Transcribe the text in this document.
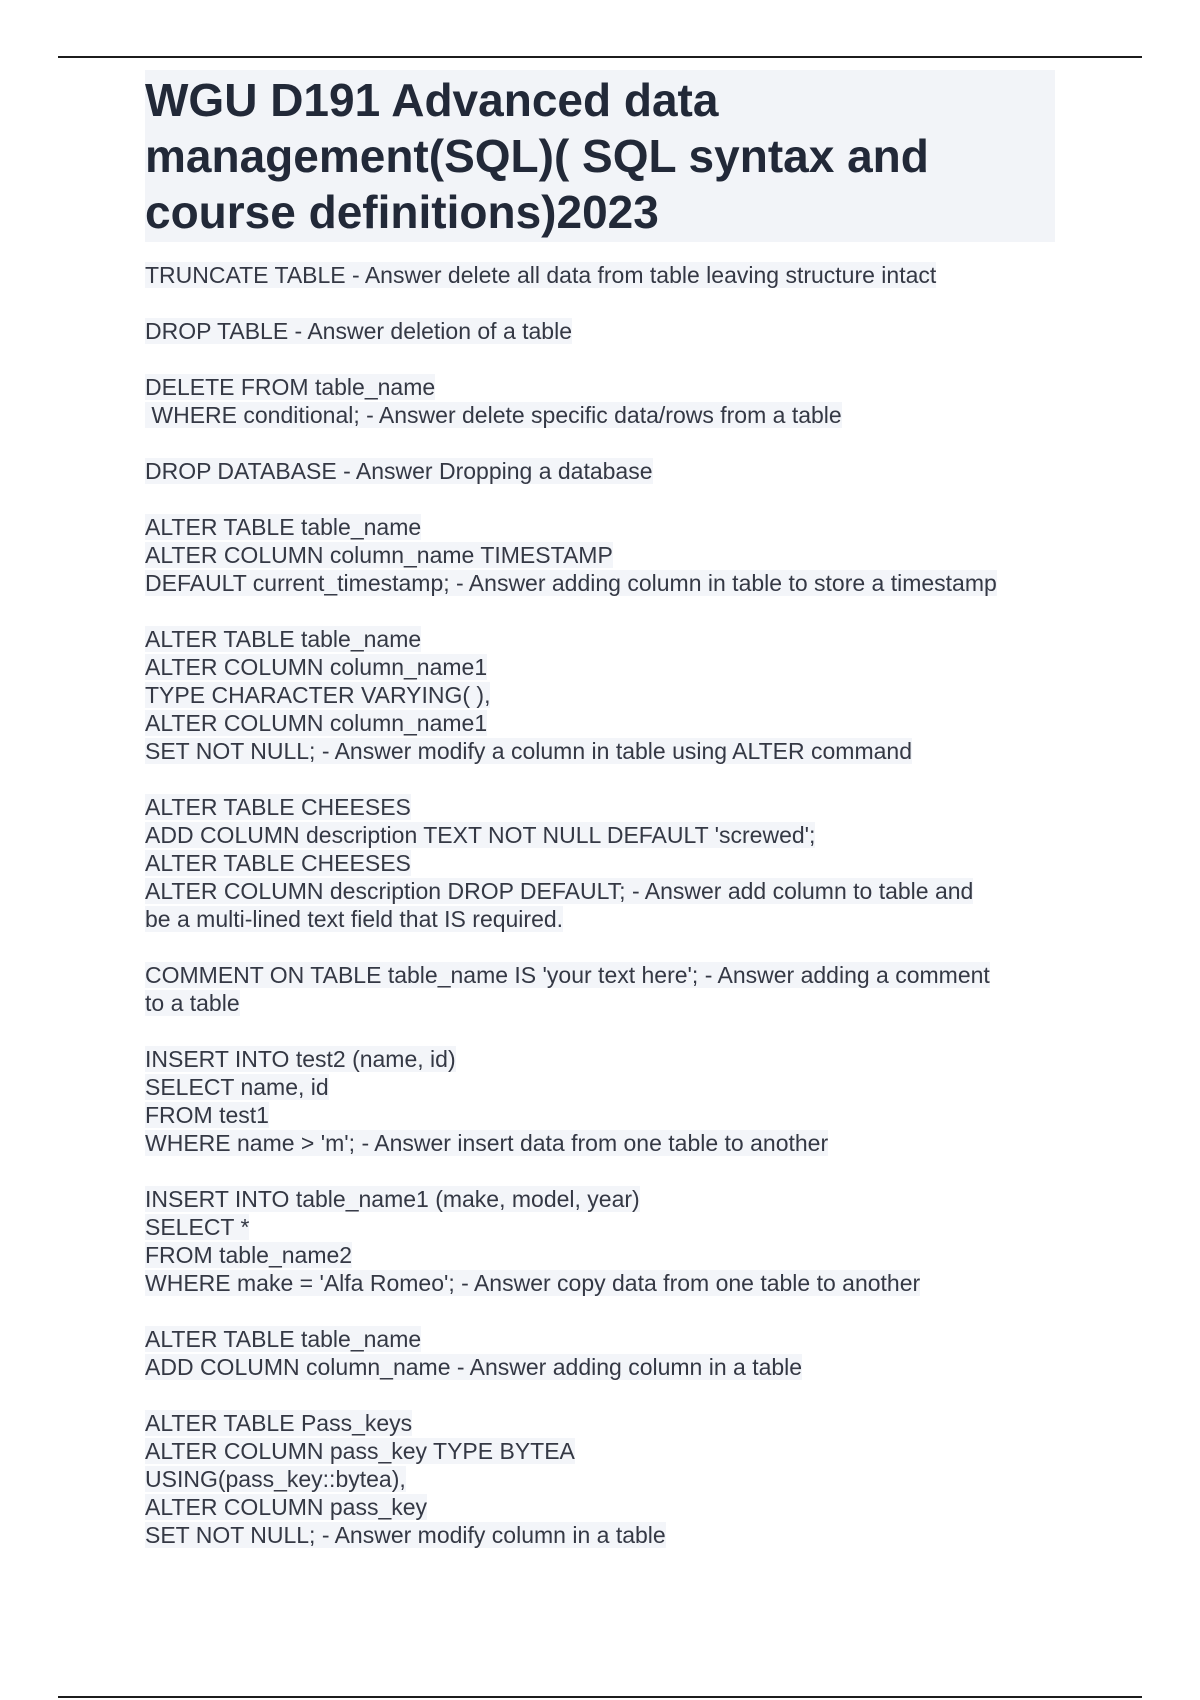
WGU D191 Advanced data management(SQL)( SQL syntax and course definitions)2023
TRUNCATE TABLE - Answer delete all data from table leaving structure intact
DROP TABLE - Answer deletion of a table
DELETE FROM table_name
WHERE conditional; - Answer delete specific data/rows from a table
DROP DATABASE - Answer Dropping a database
ALTER TABLE table_name
ALTER COLUMN column_name TIMESTAMP
DEFAULT current_timestamp; - Answer adding column in table to store a timestamp
ALTER TABLE table_name
ALTER COLUMN column_name1
TYPE CHARACTER VARYING( ),
ALTER COLUMN column_name1
SET NOT NULL; - Answer modify a column in table using ALTER command
ALTER TABLE CHEESES
ADD COLUMN description TEXT NOT NULL DEFAULT 'screwed';
ALTER TABLE CHEESES
ALTER COLUMN description DROP DEFAULT; - Answer add column to table and
be a multi-lined text field that IS required.
COMMENT ON TABLE table_name IS 'your text here'; - Answer adding a comment
to a table
INSERT INTO test2 (name, id)
SELECT name, id
FROM test1
WHERE name > 'm'; - Answer insert data from one table to another
INSERT INTO table_name1 (make, model, year)
SELECT *
FROM table_name2
WHERE make = 'Alfa Romeo'; - Answer copy data from one table to another
ALTER TABLE table_name
ADD COLUMN column_name - Answer adding column in a table
ALTER TABLE Pass_keys
ALTER COLUMN pass_key TYPE BYTEA
USING(pass_key::bytea),
ALTER COLUMN pass_key
SET NOT NULL; - Answer modify column in a table
